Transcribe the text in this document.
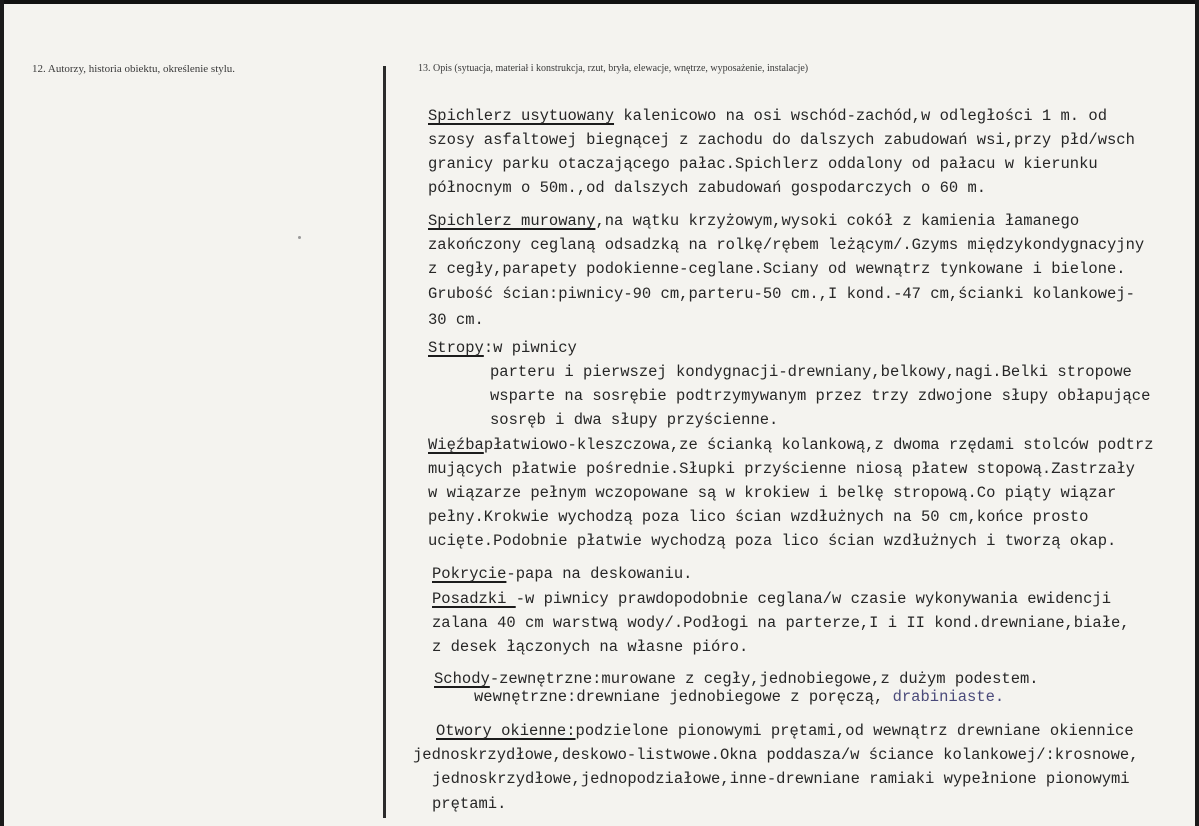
12. Autorzy, historia obiektu, określenie stylu.	13. Opis (sytuacja, materiał i konstrukcja, rzut, bryła, elewacje, wnętrze, wyposażenie, instalacje)
Spichlerz usytuowany kalenicowo na osi wschód-zachód,w odległości 1 m. od
szosy asfaltowej biegnącej z zachodu do dalszych zabudowań wsi,przy płd/wsch
granicy parku otaczającego pałac.Spichlerz oddalony od pałacu w kierunku
północnym o 50m.,od dalszych zabudowań gospodarczych o 60 m.
Spichlerz murowany,na wątku krzyżowym,wysoki cokół z kamienia łamanego
zakończony ceglaną odsadzką na rolkę/rębem leżącym/.Gzyms międzykondygnacyjny
z cegły,parapety podokienne-ceglane.Sciany od wewnątrz tynkowane i bielone.
Grubość ścian:piwnicy-90 cm,parteru-50 cm.,I kond.-47 cm,ścianki kolankowej-
30 cm.
Stropy:w piwnicy
parteru i pierwszej kondygnacji-drewniany,belkowy,nagi.Belki stropowe
wsparte na sosrębie podtrzymywanym przez trzy zdwojone słupy obłapujące
sosręb i dwa słupy przyścienne.
Więźbapłatwiowo-kleszczowa,ze ścianką kolankową,z dwoma rzędami stolców podtrz
mujących płatwie pośrednie.Słupki przyścienne niosą płatew stopową.Zastrzały
w wiązarze pełnym wczopowane są w krokiew i belkę stropową.Co piąty wiązar
pełny.Krokwie wychodzą poza lico ścian wzdłużnych na 50 cm,końce prosto
ucięte.Podobnie płatwie wychodzą poza lico ścian wzdłużnych i tworzą okap.
Pokrycie-papa na deskowaniu.
Posadzki -w piwnicy prawdopodobnie ceglana/w czasie wykonywania ewidencji
zalana 40 cm warstwą wody/.Podłogi na parterze,I i II kond.drewniane,białe,
z desek łączonych na własne pióro.
Schody-zewnętrzne:murowane z cegły,jednobiegowe,z dużym podestem.
wewnętrzne:drewniane jednobiegowe z poręczą, drabiniaste.
Otwory okienne:podzielone pionowymi prętami,od wewnątrz drewniane okiennice
jednoskrzydłowe,deskowo-listwowe.Okna poddasza/w ściance kolankowej/:krosnowe,
jednoskrzydłowe,jednopodziałowe,inne-drewniane ramiaki wypełnione pionowymi
prętami.
